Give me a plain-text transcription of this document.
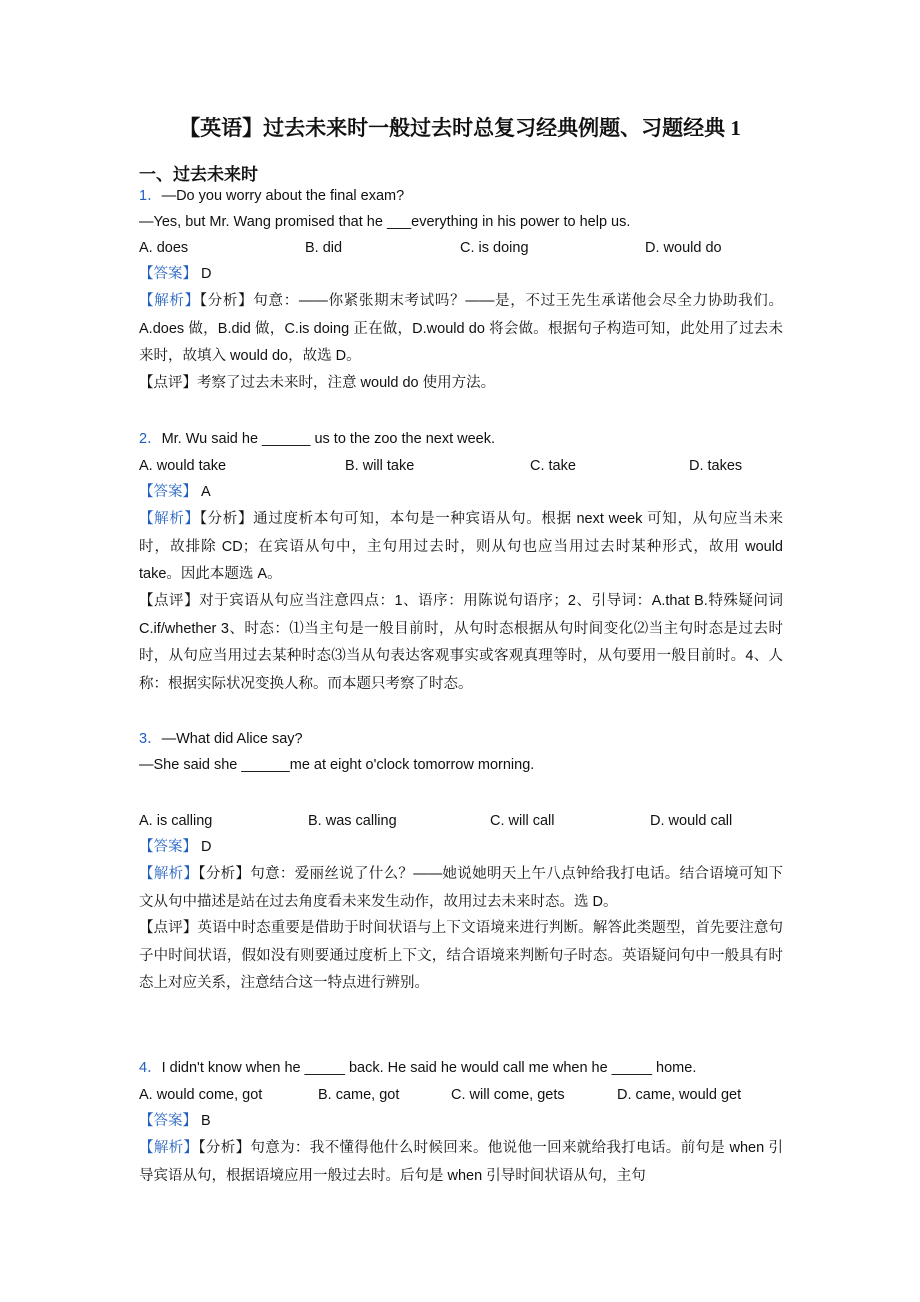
【英语】过去未来时一般过去时总复习经典例题、习题经典 1
一、过去未来时
1．—Do you worry about the final exam?
—Yes, but Mr. Wang promised that he ___everything in his power to help us.
A. does	B. did	C. is doing	D. would do
【答案】 D
【解析】【分析】句意：——你紧张期末考试吗？——是，不过王先生承诺他会尽全力协助我们。A.does 做，B.did 做，C.is doing 正在做，D.would do 将会做。根据句子构造可知，此处用了过去未来时，故填入 would do，故选 D。
【点评】考察了过去未来时，注意 would do 使用方法。
2．Mr. Wu said he ______ us to the zoo the next week.
A. would take	B. will take	C. take	D. takes
【答案】 A
【解析】【分析】通过度析本句可知，本句是一种宾语从句。根据 next week 可知，从句应当未来时，故排除 CD；在宾语从句中，主句用过去时，则从句也应当用过去时某种形式，故用 would take。因此本题选 A。
【点评】对于宾语从句应当注意四点：1、语序：用陈说句语序；2、引导词：A.that B.特殊疑问词 C.if/whether 3、时态：⑴当主句是一般目前时，从句时态根据从句时间变化⑵当主句时态是过去时时，从句应当用过去某种时态⑶当从句表达客观事实或客观真理等时，从句要用一般目前时。4、人称：根据实际状况变换人称。而本题只考察了时态。
3．—What did Alice say?
—She said she ______me at eight o'clock tomorrow morning.
A. is calling	B. was calling	C. will call	D. would call
【答案】 D
【解析】【分析】句意：爱丽丝说了什么？——她说她明天上午八点钟给我打电话。结合语境可知下文从句中描述是站在过去角度看未来发生动作，故用过去未来时态。选 D。
【点评】英语中时态重要是借助于时间状语与上下文语境来进行判断。解答此类题型，首先要注意句子中时间状语，假如没有则要通过度析上下文，结合语境来判断句子时态。英语疑问句中一般具有时态上对应关系，注意结合这一特点进行辨别。
4．I didn't know when he _____ back. He said he would call me when he _____ home.
A. would come, got	B. came, got	C. will come, gets	D. came, would get
【答案】 B
【解析】【分析】句意为：我不懂得他什么时候回来。他说他一回来就给我打电话。前句是 when 引导宾语从句，根据语境应用一般过去时。后句是 when 引导时间状语从句，主句
